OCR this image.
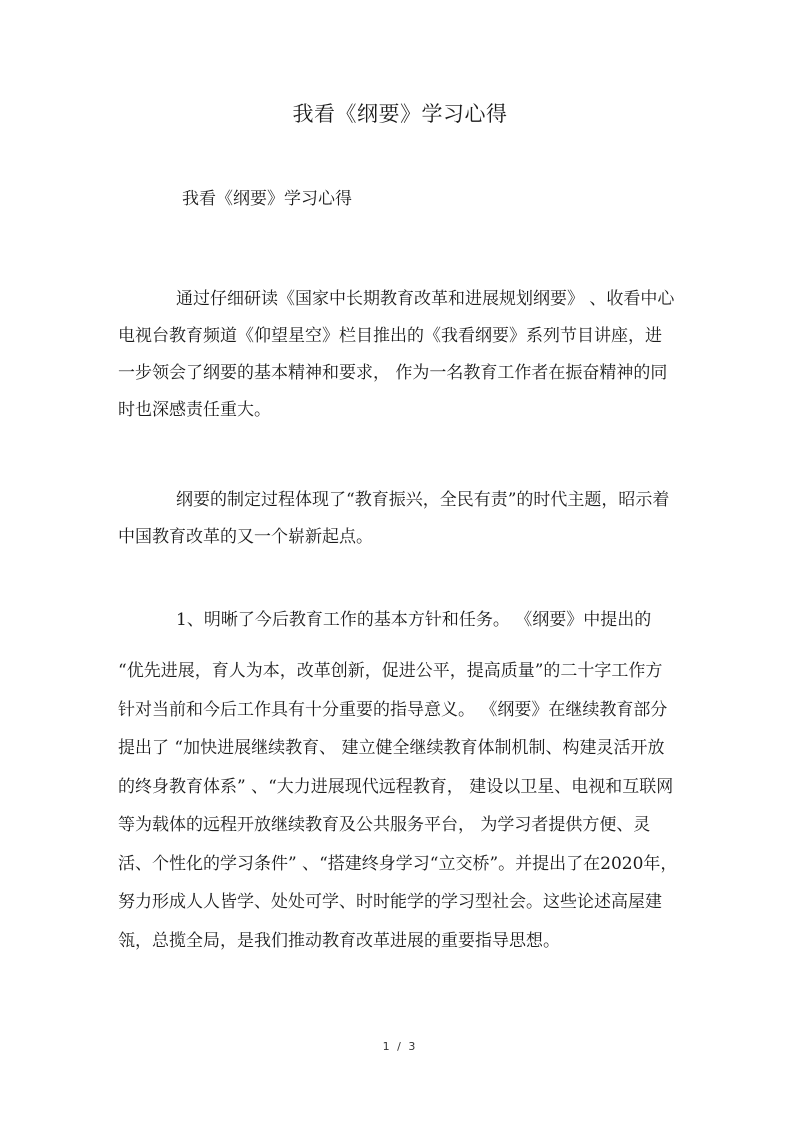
我看《纲要》学习心得

我看《纲要》学习心得

通过仔细研读《国家中长期教育改革和进展规划纲要》 、收看中心电视台教育频道《仰望星空》栏目推出的《我看纲要》系列节目讲座，进一步领会了纲要的基本精神和要求， 作为一名教育工作者在振奋精神的同时也深感责任重大。

纲要的制定过程体现了“教育振兴，全民有责”的时代主题，昭示着中国教育改革的又一个崭新起点。

1、明晰了今后教育工作的基本方针和任务。 《纲要》中提出的

“优先进展，育人为本，改革创新，促进公平，提高质量”的二十字工作方针对当前和今后工作具有十分重要的指导意义。 《纲要》在继续教育部分提出了 “加快进展继续教育、 建立健全继续教育体制机制、构建灵活开放的终身教育体系” 、“大力进展现代远程教育， 建设以卫星、电视和互联网等为载体的远程开放继续教育及公共服务平台， 为学习者提供方便、灵活、个性化的学习条件” 、“搭建终身学习“立交桥”。并提出了在2020年，努力形成人人皆学、处处可学、时时能学的学习型社会。这些论述高屋建瓴，总揽全局，是我们推动教育改革进展的重要指导思想。

1 / 3
